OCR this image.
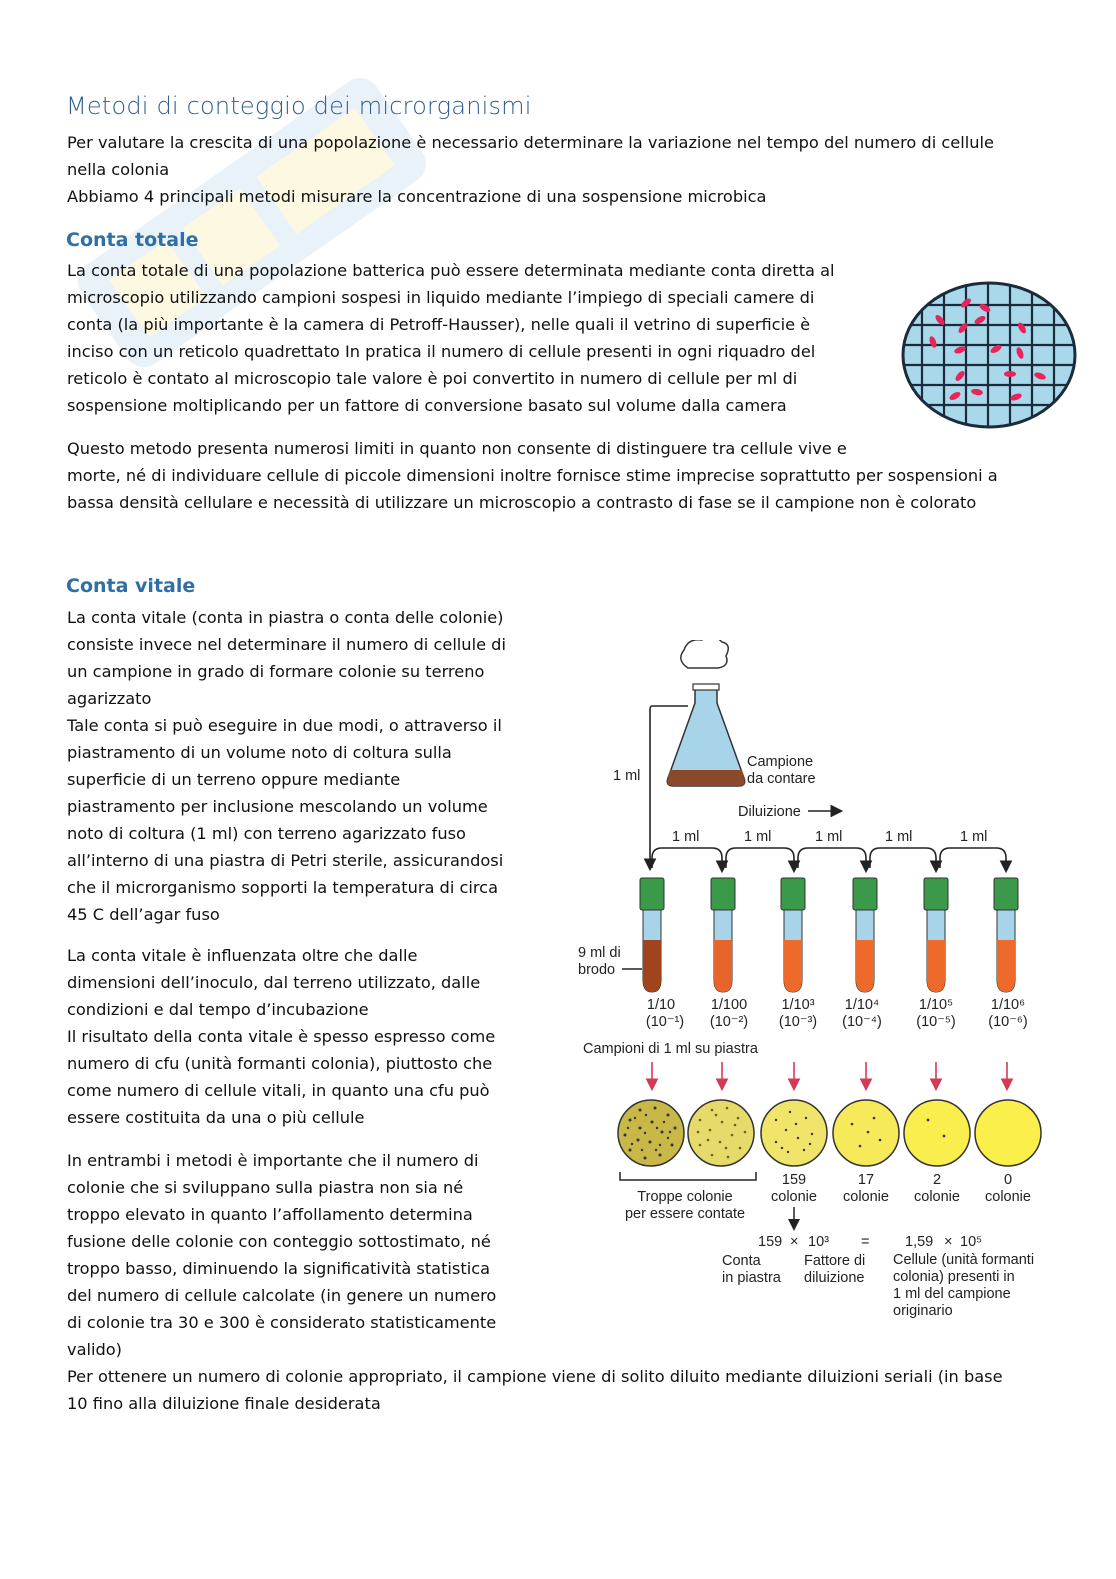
Metodi di conteggio dei microrganismi
Per valutare la crescita di una popolazione è necessario determinare la variazione nel tempo del numero di cellule
nella colonia
Abbiamo 4 principali metodi misurare la concentrazione di una sospensione microbica
Conta totale
La conta totale di una popolazione batterica può essere determinata mediante conta diretta al
microscopio utilizzando campioni sospesi in liquido mediante l’impiego di speciali camere di
conta (la più importante è la camera di Petroff-Hausser), nelle quali il vetrino di superficie è
inciso con un reticolo quadrettato In pratica il numero di cellule presenti in ogni riquadro del
reticolo è contato al microscopio tale valore è poi convertito in numero di cellule per ml di
sospensione moltiplicando per un fattore di conversione basato sul volume dalla camera
Questo metodo presenta numerosi limiti in quanto non consente di distinguere tra cellule vive e
morte, né di individuare cellule di piccole dimensioni inoltre fornisce stime imprecise soprattutto per sospensioni a
bassa densità cellulare e necessità di utilizzare un microscopio a contrasto di fase se il campione non è colorato
Conta vitale
La conta vitale (conta in piastra o conta delle colonie)
consiste invece nel determinare il numero di cellule di
un campione in grado di formare colonie su terreno
agarizzato
Tale conta si può eseguire in due modi, o attraverso il
piastramento di un volume noto di coltura sulla
superficie di un terreno oppure mediante
piastramento per inclusione mescolando un volume
noto di coltura (1 ml) con terreno agarizzato fuso
all’interno di una piastra di Petri sterile, assicurandosi
che il microrganismo sopporti la temperatura di circa
45 C dell’agar fuso
La conta vitale è influenzata oltre che dalle
dimensioni dell’inoculo, dal terreno utilizzato, dalle
condizioni e dal tempo d’incubazione
Il risultato della conta vitale è spesso espresso come
numero di cfu (unità formanti colonia), piuttosto che
come numero di cellule vitali, in quanto una cfu può
essere costituita da una o più cellule
In entrambi i metodi è importante che il numero di
colonie che si sviluppano sulla piastra non sia né
troppo elevato in quanto l’affollamento determina
fusione delle colonie con conteggio sottostimato, né
troppo basso, diminuendo la significatività statistica
del numero di cellule calcolate (in genere un numero
di colonie tra 30 e 300 è considerato statisticamente
valido)
Per ottenere un numero di colonie appropriato, il campione viene di solito diluito mediante diluizioni seriali (in base
10 fino alla diluizione finale desiderata
Campione
da contare
1 ml
Diluizione
1 ml	1 ml	1 ml	1 ml	1 ml
9 ml di
brodo
1/10
(10⁻¹)
1/100
(10⁻²)
1/10³
(10⁻³)
1/10⁴
(10⁻⁴)
1/10⁵
(10⁻⁵)
1/10⁶
(10⁻⁶)
Campioni di 1 ml su piastra
Troppe colonie
per essere contate
159
colonie
17
colonie
2
colonie
0
colonie
159 × 10³ = 1,59 × 10⁵
Conta
in piastra
Fattore di
diluizione
Cellule (unità formanti
colonia) presenti in
1 ml del campione
originario
